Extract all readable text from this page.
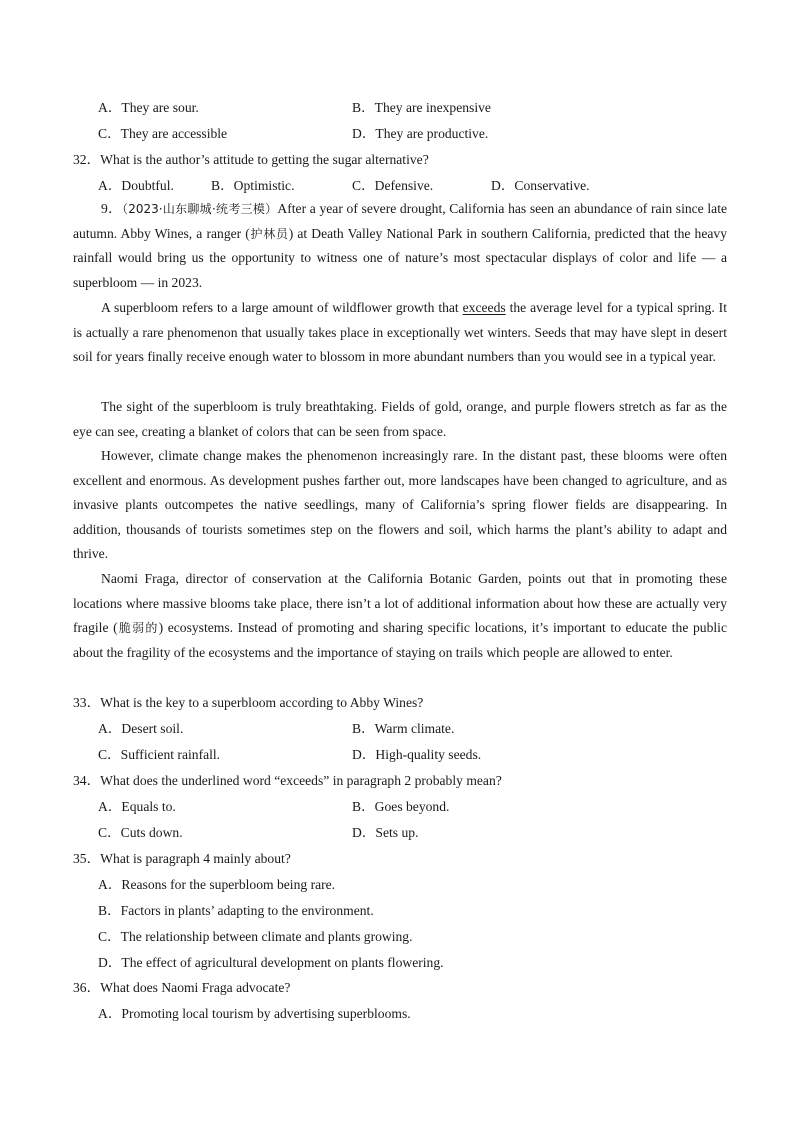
A．They are sour.	B．They are inexpensive
C．They are accessible	D．They are productive.
32．What is the author’s attitude to getting the sugar alternative?
A．Doubtful.	B．Optimistic.	C．Defensive.	D．Conservative.
9．（2023·山东聊城·统考三模）After a year of severe drought, California has seen an abundance of rain since late autumn. Abby Wines, a ranger (护林员) at Death Valley National Park in southern California, predicted that the heavy rainfall would bring us the opportunity to witness one of nature’s most spectacular displays of color and life — a superbloom — in 2023.
A superbloom refers to a large amount of wildflower growth that exceeds the average level for a typical spring. It is actually a rare phenomenon that usually takes place in exceptionally wet winters. Seeds that may have slept in desert soil for years finally receive enough water to blossom in more abundant numbers than you would see in a typical year.
The sight of the superbloom is truly breathtaking. Fields of gold, orange, and purple flowers stretch as far as the eye can see, creating a blanket of colors that can be seen from space.
However, climate change makes the phenomenon increasingly rare. In the distant past, these blooms were often excellent and enormous. As development pushes farther out, more landscapes have been changed to agriculture, and as invasive plants outcompetes the native seedlings, many of California’s spring flower fields are disappearing. In addition, thousands of tourists sometimes step on the flowers and soil, which harms the plant’s ability to adapt and thrive.
Naomi Fraga, director of conservation at the California Botanic Garden, points out that in promoting these locations where massive blooms take place, there isn’t a lot of additional information about how these are actually very fragile (脆弱的) ecosystems. Instead of promoting and sharing specific locations, it’s important to educate the public about the fragility of the ecosystems and the importance of staying on trails which people are allowed to enter.
33．What is the key to a superbloom according to Abby Wines?
A．Desert soil.	B．Warm climate.
C．Sufficient rainfall.	D．High-quality seeds.
34．What does the underlined word “exceeds” in paragraph 2 probably mean?
A．Equals to.	B．Goes beyond.
C．Cuts down.	D．Sets up.
35．What is paragraph 4 mainly about?
A．Reasons for the superbloom being rare.
B．Factors in plants’ adapting to the environment.
C．The relationship between climate and plants growing.
D．The effect of agricultural development on plants flowering.
36．What does Naomi Fraga advocate?
A．Promoting local tourism by advertising superblooms.
